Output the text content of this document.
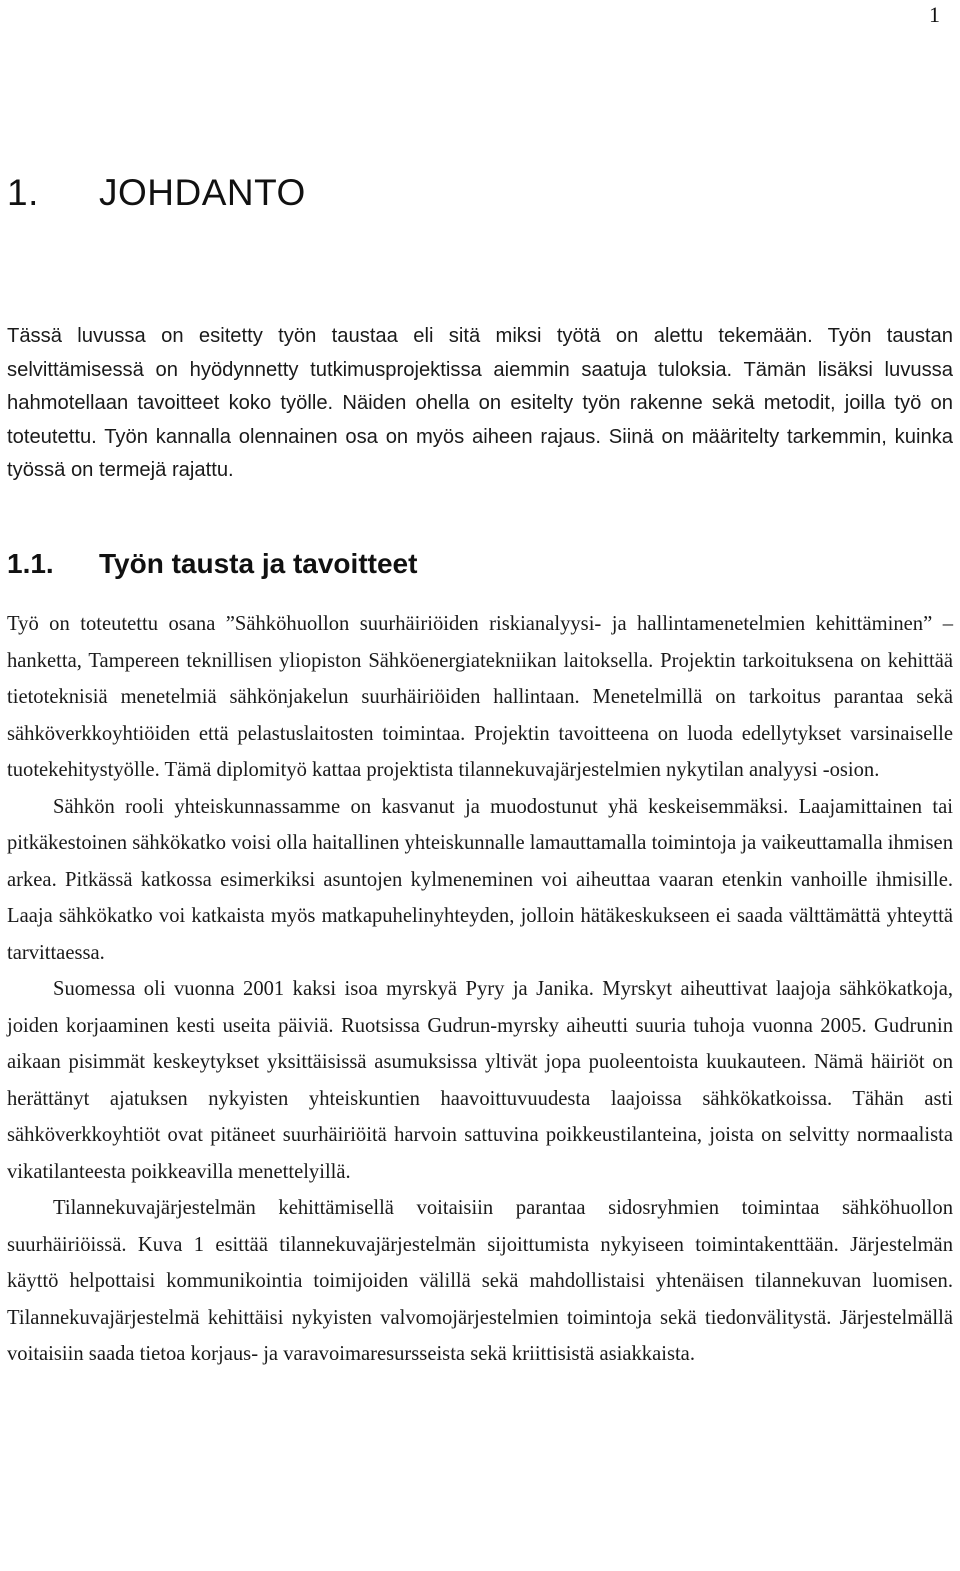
1
1. JOHDANTO

Tässä luvussa on esitetty työn taustaa eli sitä miksi työtä on alettu tekemään. Työn taustan selvittämisessä on hyödynnetty tutkimusprojektissa aiemmin saatuja tuloksia. Tämän lisäksi luvussa hahmotellaan tavoitteet koko työlle. Näiden ohella on esitelty työn rakenne sekä metodit, joilla työ on toteutettu. Työn kannalla olennainen osa on myös aiheen rajaus. Siinä on määritelty tarkemmin, kuinka työssä on termejä rajattu.

1.1. Työn tausta ja tavoitteet

Työ on toteutettu osana ”Sähköhuollon suurhäiriöiden riskianalyysi- ja hallintamenetelmien kehittäminen” –hanketta, Tampereen teknillisen yliopiston Sähköenergiatekniikan laitoksella. Projektin tarkoituksena on kehittää tietoteknisiä menetelmiä sähkönjakelun suurhäiriöiden hallintaan. Menetelmillä on tarkoitus parantaa sekä sähköverkkoyhtiöiden että pelastuslaitosten toimintaa. Projektin tavoitteena on luoda edellytykset varsinaiselle tuotekehitystyölle. Tämä diplomityö kattaa projektista tilannekuvajärjestelmien nykytilan analyysi -osion.

Sähkön rooli yhteiskunnassamme on kasvanut ja muodostunut yhä keskeisemmäksi. Laajamittainen tai pitkäkestoinen sähkökatko voisi olla haitallinen yhteiskunnalle lamauttamalla toimintoja ja vaikeuttamalla ihmisen arkea. Pitkässä katkossa esimerkiksi asuntojen kylmeneminen voi aiheuttaa vaaran etenkin vanhoille ihmisille. Laaja sähkökatko voi katkaista myös matkapuhelinyhteyden, jolloin hätäkeskukseen ei saada välttämättä yhteyttä tarvittaessa.

Suomessa oli vuonna 2001 kaksi isoa myrskyä Pyry ja Janika. Myrskyt aiheuttivat laajoja sähkökatkoja, joiden korjaaminen kesti useita päiviä. Ruotsissa Gudrun-myrsky aiheutti suuria tuhoja vuonna 2005. Gudrunin aikaan pisimmät keskeytykset yksittäisissä asumuksissa yltivät jopa puoleentoista kuukauteen. Nämä häiriöt on herättänyt ajatuksen nykyisten yhteiskuntien haavoittuvuudesta laajoissa sähkökatkoissa. Tähän asti sähköverkkoyhtiöt ovat pitäneet suurhäiriöitä harvoin sattuvina poikkeustilanteina, joista on selvitty normaalista vikatilanteesta poikkeavilla menettelyillä.

Tilannekuvajärjestelmän kehittämisellä voitaisiin parantaa sidosryhmien toimintaa sähköhuollon suurhäiriöissä. Kuva 1 esittää tilannekuvajärjestelmän sijoittumista nykyiseen toimintakenttään. Järjestelmän käyttö helpottaisi kommunikointia toimijoiden välillä sekä mahdollistaisi yhtenäisen tilannekuvan luomisen. Tilannekuvajärjestelmä kehittäisi nykyisten valvomojärjestelmien toimintoja sekä tiedonvälitystä. Järjestelmällä voitaisiin saada tietoa korjaus- ja varavoimaresursseista sekä kriittisistä asiakkaista.
